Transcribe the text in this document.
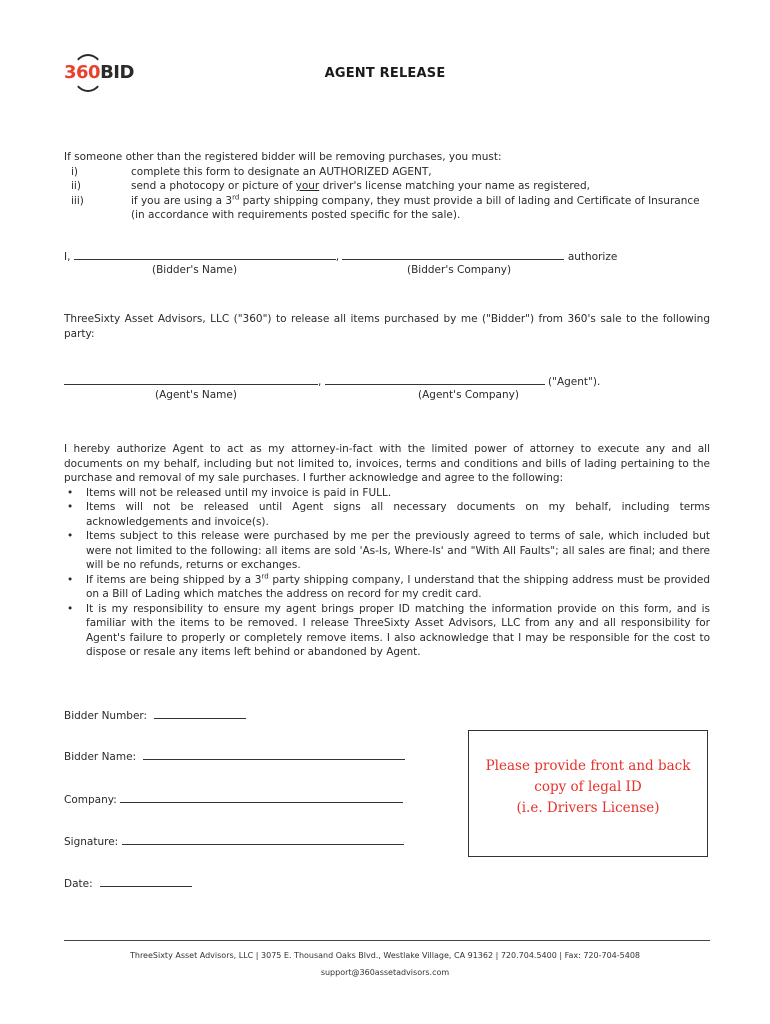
360BID	AGENT RELEASE
If someone other than the registered bidder will be removing purchases, you must:
i)	complete this form to designate an AUTHORIZED AGENT,
ii)	send a photocopy or picture of your driver's license matching your name as registered,
iii)	if you are using a 3rd party shipping company, they must provide a bill of lading and Certificate of Insurance
(in accordance with requirements posted specific for the sale).
I,	,	authorize
(Bidder's Name)	(Bidder's Company)
ThreeSixty Asset Advisors, LLC ("360") to release all items purchased by me ("Bidder") from 360's sale to the following party:
,	("Agent").
(Agent's Name)	(Agent's Company)
I hereby authorize Agent to act as my attorney-in-fact with the limited power of attorney to execute any and all documents on my behalf, including but not limited to, invoices, terms and conditions and bills of lading pertaining to the purchase and removal of my sale purchases. I further acknowledge and agree to the following:
•	Items will not be released until my invoice is paid in FULL.
•	Items will not be released until Agent signs all necessary documents on my behalf, including terms acknowledgements and invoice(s).
•	Items subject to this release were purchased by me per the previously agreed to terms of sale, which included but were not limited to the following: all items are sold 'As-Is, Where-Is' and "With All Faults"; all sales are final; and there will be no refunds, returns or exchanges.
•	If items are being shipped by a 3rd party shipping company, I understand that the shipping address must be provided on a Bill of Lading which matches the address on record for my credit card.
•	It is my responsibility to ensure my agent brings proper ID matching the information provide on this form, and is familiar with the items to be removed. I release ThreeSixty Asset Advisors, LLC from any and all responsibility for Agent's failure to properly or completely remove items. I also acknowledge that I may be responsible for the cost to dispose or resale any items left behind or abandoned by Agent.
Bidder Number:
Bidder Name:
Company:
Signature:
Date:
Please provide front and back
copy of legal ID
(i.e. Drivers License)
ThreeSixty Asset Advisors, LLC | 3075 E. Thousand Oaks Blvd., Westlake Village, CA 91362 | 720.704.5400 | Fax: 720-704-5408
support@360assetadvisors.com
